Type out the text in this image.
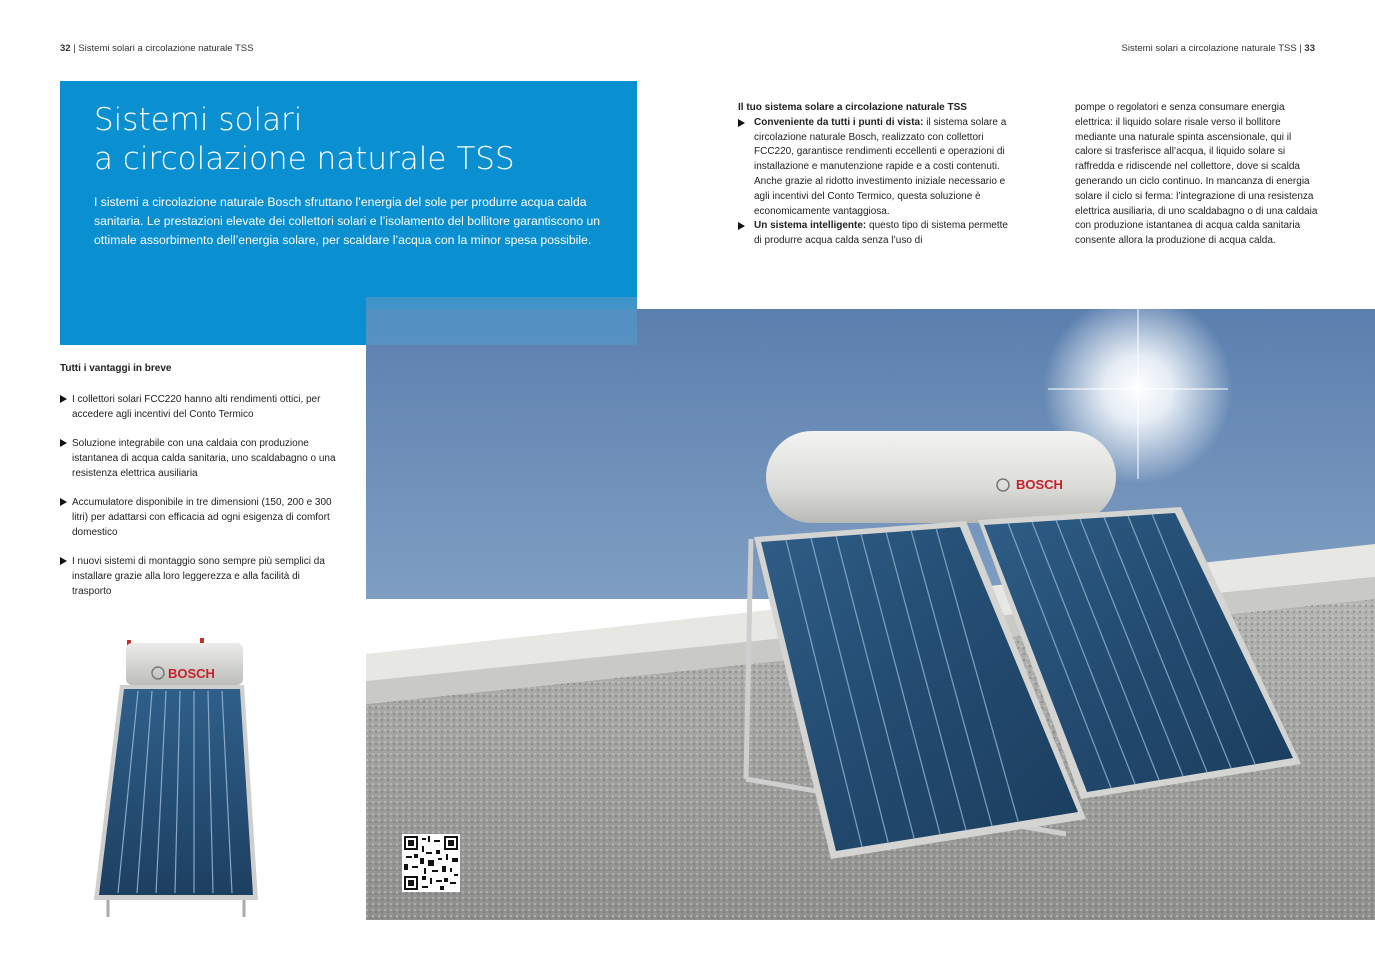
32 | Sistemi solari a circolazione naturale TSS	Sistemi solari a circolazione naturale TSS | 33
Sistemi solari
a circolazione naturale TSS
I sistemi a circolazione naturale Bosch sfruttano l’energia del sole per produrre acqua calda sanitaria. Le prestazioni elevate dei collettori solari e l’isolamento del bollitore garantiscono un ottimale assorbimento dell’energia solare, per scaldare l’acqua con la minor spesa possibile.
Tutti i vantaggi in breve
I collettori solari FCC220 hanno alti rendimenti ottici, per accedere agli incentivi del Conto Termico
Soluzione integrabile con una caldaia con produzione istantanea di acqua calda sanitaria, uno scaldabagno o una resistenza elettrica ausiliaria
Accumulatore disponibile in tre dimensioni (150, 200 e 300 litri) per adattarsi con efficacia ad ogni esigenza di comfort domestico
I nuovi sistemi di montaggio sono sempre più semplici da installare grazie alla loro leggerezza e alla facilità di trasporto
Il tuo sistema solare a circolazione naturale TSS
Conveniente da tutti i punti di vista: il sistema solare a circolazione naturale Bosch, realizzato con collettori FCC220, garantisce rendimenti eccellenti e operazioni di installazione e manutenzione rapide e a costi contenuti. Anche grazie al ridotto investimento iniziale necessario e agli incentivi del Conto Termico, questa soluzione è economicamente vantaggiosa.
Un sistema intelligente: questo tipo di sistema permette di produrre acqua calda senza l’uso di
pompe o regolatori e senza consumare energia elettrica: il liquido solare risale verso il bollitore mediante una naturale spinta ascensionale, qui il calore si trasferisce all’acqua, il liquido solare si raffredda e ridiscende nel collettore, dove si scalda generando un ciclo continuo. In mancanza di energia solare il ciclo si ferma: l’integrazione di una resistenza elettrica ausiliaria, di uno scaldabagno o di una caldaia con produzione istantanea di acqua calda sanitaria consente allora la produzione di acqua calda.
BOSCH
BOSCH
